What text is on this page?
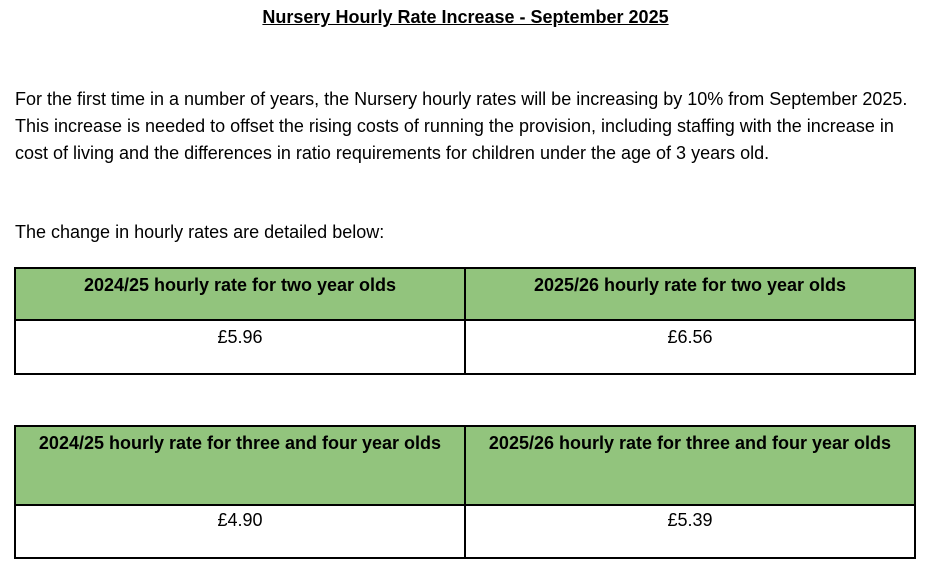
Nursery Hourly Rate Increase - September 2025

For the first time in a number of years, the Nursery hourly rates will be increasing by 10% from September 2025. This increase is needed to offset the rising costs of running the provision, including staffing with the increase in cost of living and the differences in ratio requirements for children under the age of 3 years old.

The change in hourly rates are detailed below:

2024/25 hourly rate for two year olds	2025/26 hourly rate for two year olds
£5.96	£6.56
2024/25 hourly rate for three and four year olds	2025/26 hourly rate for three and four year olds
£4.90	£5.39
